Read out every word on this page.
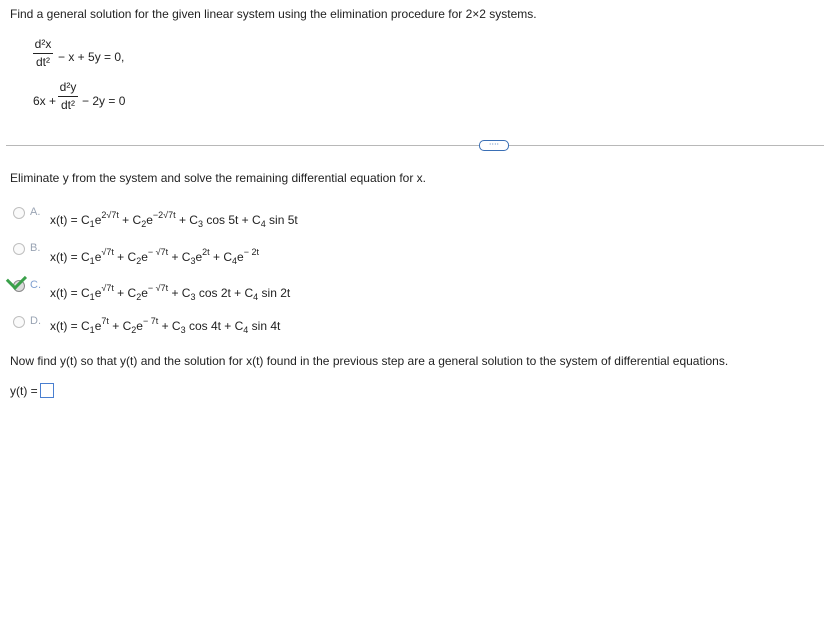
Find a general solution for the given linear system using the elimination procedure for 2×2 systems.
d²x
dt² − x + 5y = 0,
6x +
d²y
dt² − 2y = 0
····
Eliminate y from the system and solve the remaining differential equation for x.
A.
$x(t) = C_1e^{2√7t} + C_2e^{-2√7t} + C_3$ $\cos 5t + C_4$ sin 5t
B.
$x(t) = C_1e^{√7t} + C_2e^{- √7t} + C_3e^{2t} + C_4e^{- 2t}$
C.
$x(t) = C_1e^{√7t} + C_2e^{- √7t} + C_3$ $\cos 2t + C_4$ sin 2t
D. $x(t) = C_1e^{7t} + C_2e^{- 7t} + C_3$ $\cos 4t + C_4$ sin 4t
Now find y(t) so that y(t) and the solution for x(t) found in the previous step are a general solution to the system of differential equations.
y(t) =
